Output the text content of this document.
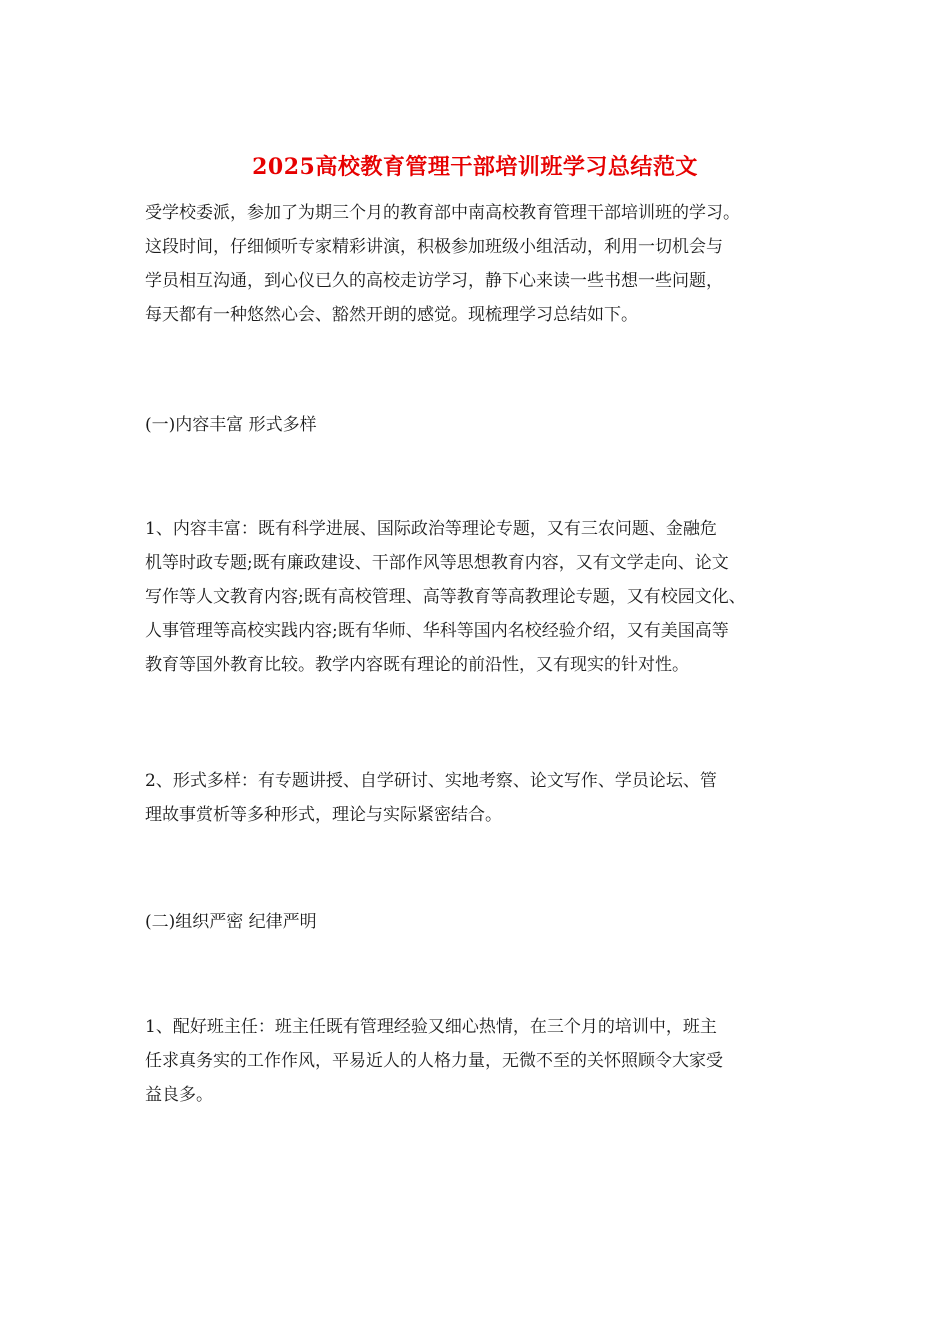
2025高校教育管理干部培训班学习总结范文
受学校委派，参加了为期三个月的教育部中南高校教育管理干部培训班的学习。
这段时间，仔细倾听专家精彩讲演，积极参加班级小组活动，利用一切机会与
学员相互沟通，到心仪已久的高校走访学习，静下心来读一些书想一些问题，
每天都有一种悠然心会、豁然开朗的感觉。现梳理学习总结如下。
(一)内容丰富 形式多样
1、内容丰富：既有科学进展、国际政治等理论专题，又有三农问题、金融危
机等时政专题;既有廉政建设、干部作风等思想教育内容，又有文学走向、论文
写作等人文教育内容;既有高校管理、高等教育等高教理论专题，又有校园文化、
人事管理等高校实践内容;既有华师、华科等国内名校经验介绍，又有美国高等
教育等国外教育比较。教学内容既有理论的前沿性，又有现实的针对性。
2、形式多样：有专题讲授、自学研讨、实地考察、论文写作、学员论坛、管
理故事赏析等多种形式，理论与实际紧密结合。
(二)组织严密 纪律严明
1、配好班主任：班主任既有管理经验又细心热情，在三个月的培训中，班主
任求真务实的工作作风，平易近人的人格力量，无微不至的关怀照顾令大家受
益良多。
